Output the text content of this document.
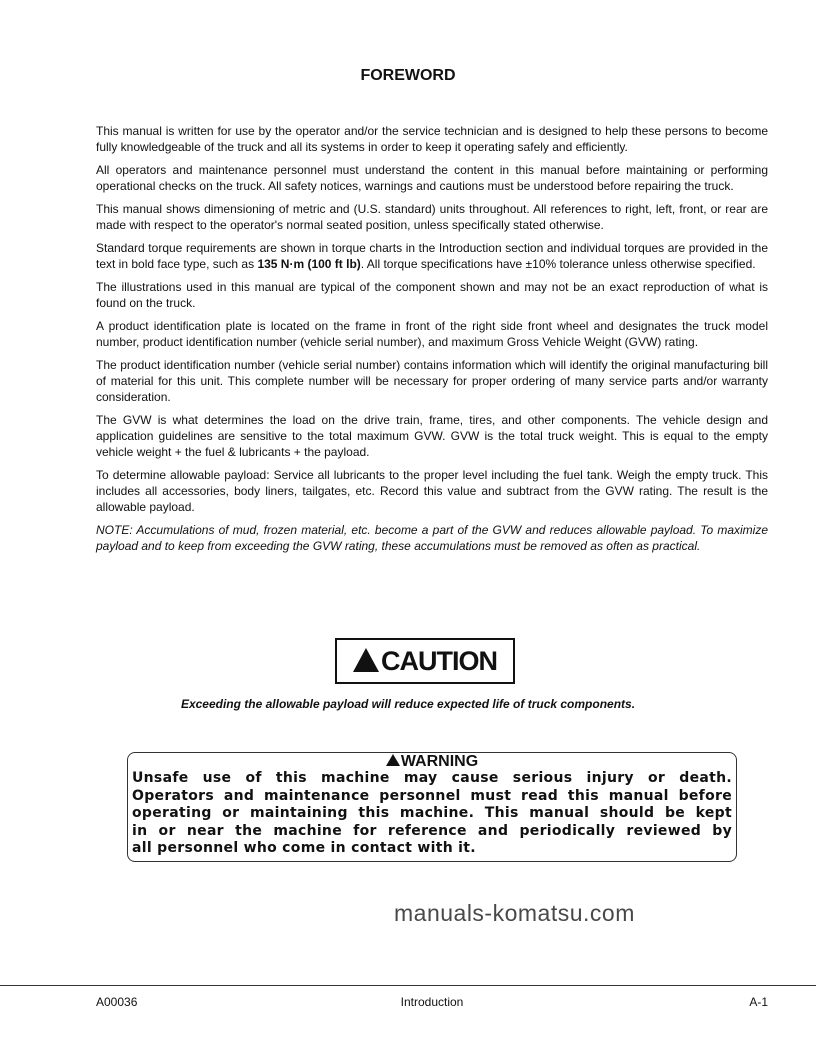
FOREWORD

This manual is written for use by the operator and/or the service technician and is designed to help these persons to become fully knowledgeable of the truck and all its systems in order to keep it operating safely and efficiently.

All operators and maintenance personnel must understand the content in this manual before maintaining or performing operational checks on the truck. All safety notices, warnings and cautions must be understood before repairing the truck.

This manual shows dimensioning of metric and (U.S. standard) units throughout. All references to right, left, front, or rear are made with respect to the operator's normal seated position, unless specifically stated otherwise.

Standard torque requirements are shown in torque charts in the Introduction section and individual torques are provided in the text in bold face type, such as 135 N·m (100 ft lb). All torque specifications have ±10% tolerance unless otherwise specified.

The illustrations used in this manual are typical of the component shown and may not be an exact reproduction of what is found on the truck.

A product identification plate is located on the frame in front of the right side front wheel and designates the truck model number, product identification number (vehicle serial number), and maximum Gross Vehicle Weight (GVW) rating.

The product identification number (vehicle serial number) contains information which will identify the original manufacturing bill of material for this unit. This complete number will be necessary for proper ordering of many service parts and/or warranty consideration.

The GVW is what determines the load on the drive train, frame, tires, and other components. The vehicle design and application guidelines are sensitive to the total maximum GVW. GVW is the total truck weight. This is equal to the empty vehicle weight + the fuel & lubricants + the payload.

To determine allowable payload: Service all lubricants to the proper level including the fuel tank. Weigh the empty truck. This includes all accessories, body liners, tailgates, etc. Record this value and subtract from the GVW rating. The result is the allowable payload.

NOTE: Accumulations of mud, frozen material, etc. become a part of the GVW and reduces allowable payload. To maximize payload and to keep from exceeding the GVW rating, these accumulations must be removed as often as practical.

manuals-komatsu.com
CAUTION
Exceeding the allowable payload will reduce expected life of truck components.
WARNING
Unsafe use of this machine may cause serious injury or death.
Operators and maintenance personnel must read this manual before
operating or maintaining this machine. This manual should be kept
in or near the machine for reference and periodically reviewed by
all personnel who come in contact with it.
A00036	Introduction	A-1
